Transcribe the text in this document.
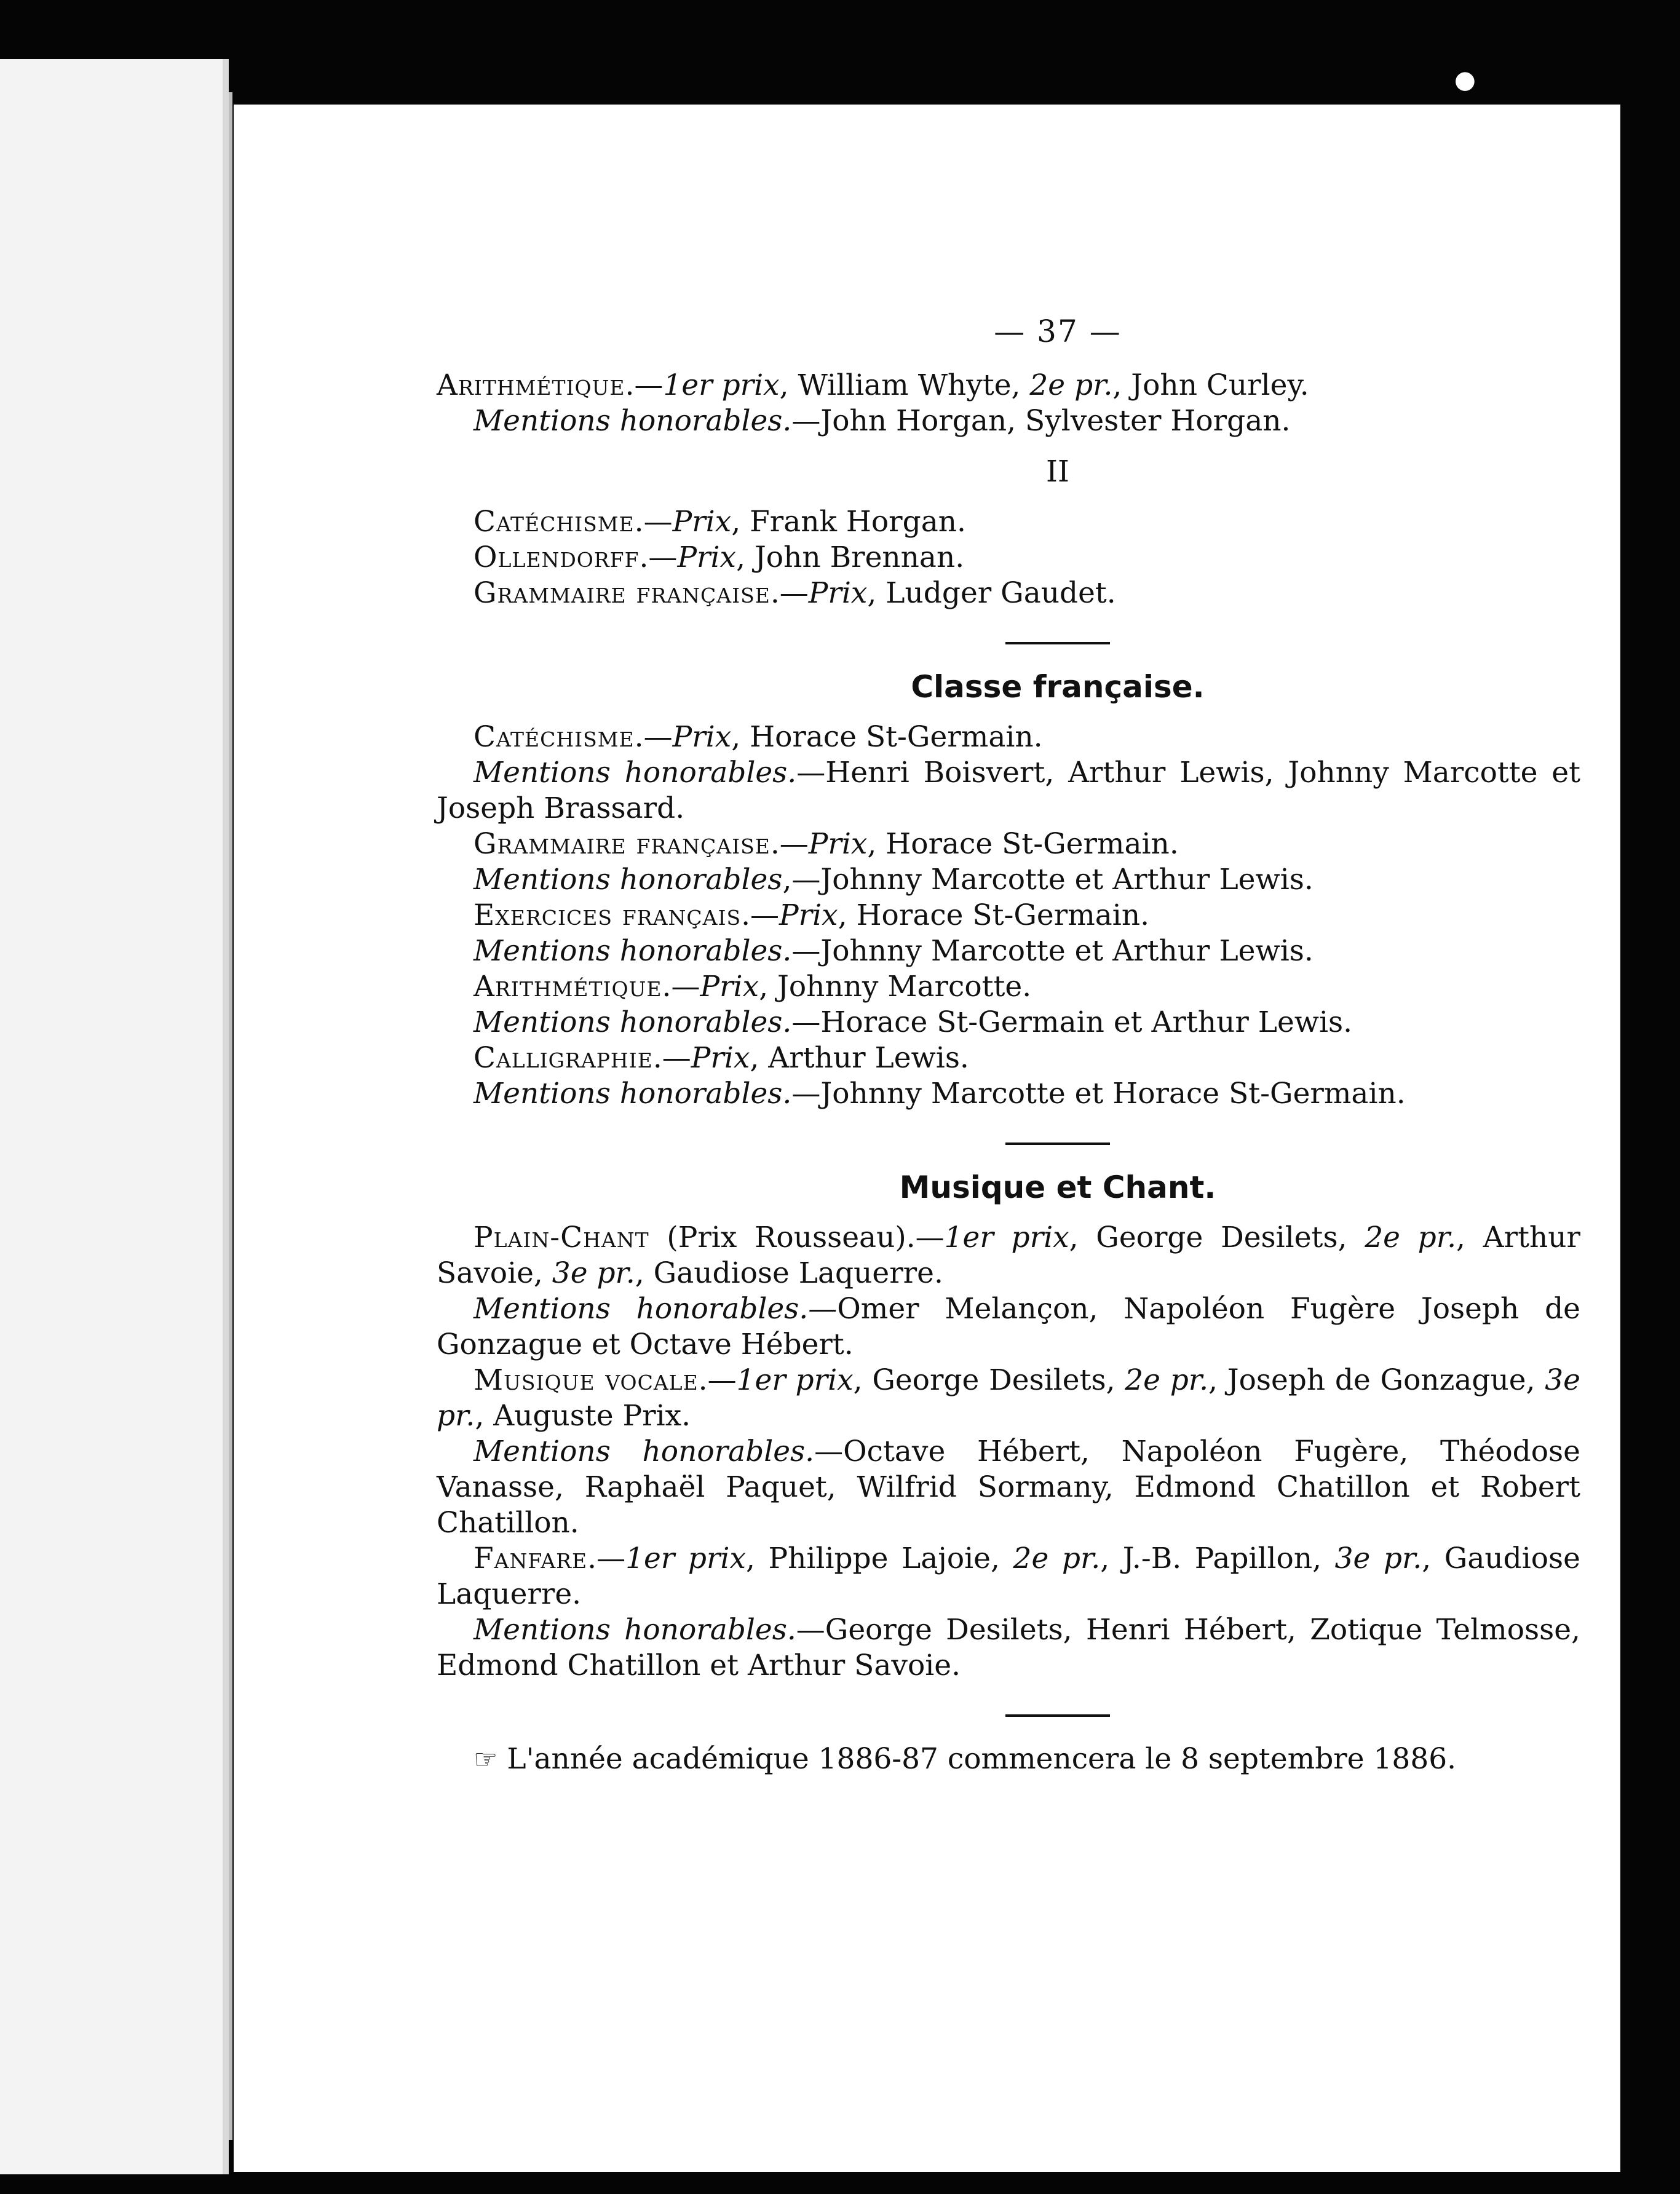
●
— 37 —

Arithmétique.—1er prix, William Whyte, 2e pr., John Curley.

Mentions honorables.—John Horgan, Sylvester Horgan.

II

Catéchisme.—Prix, Frank Horgan.

Ollendorff.—Prix, John Brennan.

Grammaire française.—Prix, Ludger Gaudet.

Classe française.

Catéchisme.—Prix, Horace St-Germain.

Mentions honorables.—Henri Boisvert, Arthur Lewis, Johnny Marcotte et Joseph Brassard.

Grammaire française.—Prix, Horace St-Germain.

Mentions honorables,—Johnny Marcotte et Arthur Lewis.

Exercices français.—Prix, Horace St-Germain.

Mentions honorables.—Johnny Marcotte et Arthur Lewis.

Arithmétique.—Prix, Johnny Marcotte.

Mentions honorables.—Horace St-Germain et Arthur Lewis.

Calligraphie.—Prix, Arthur Lewis.

Mentions honorables.—Johnny Marcotte et Horace St-Germain.

Musique et Chant.

Plain-Chant (Prix Rousseau).—1er prix, George Desilets, 2e pr., Arthur Savoie, 3e pr., Gaudiose Laquerre.

Mentions honorables.—Omer Melançon, Napoléon Fugère Joseph de Gonzague et Octave Hébert.

Musique vocale.—1er prix, George Desilets, 2e pr., Joseph de Gonzague, 3e pr., Auguste Prix.

Mentions honorables.—Octave Hébert, Napoléon Fugère, Théodose Vanasse, Raphaël Paquet, Wilfrid Sormany, Edmond Chatillon et Robert Chatillon.

Fanfare.—1er prix, Philippe Lajoie, 2e pr., J.-B. Papillon, 3e pr., Gaudiose Laquerre.

Mentions honorables.—George Desilets, Henri Hébert, Zotique Telmosse, Edmond Chatillon et Arthur Savoie.

☞ L'année académique 1886-87 commencera le 8 septembre 1886.
